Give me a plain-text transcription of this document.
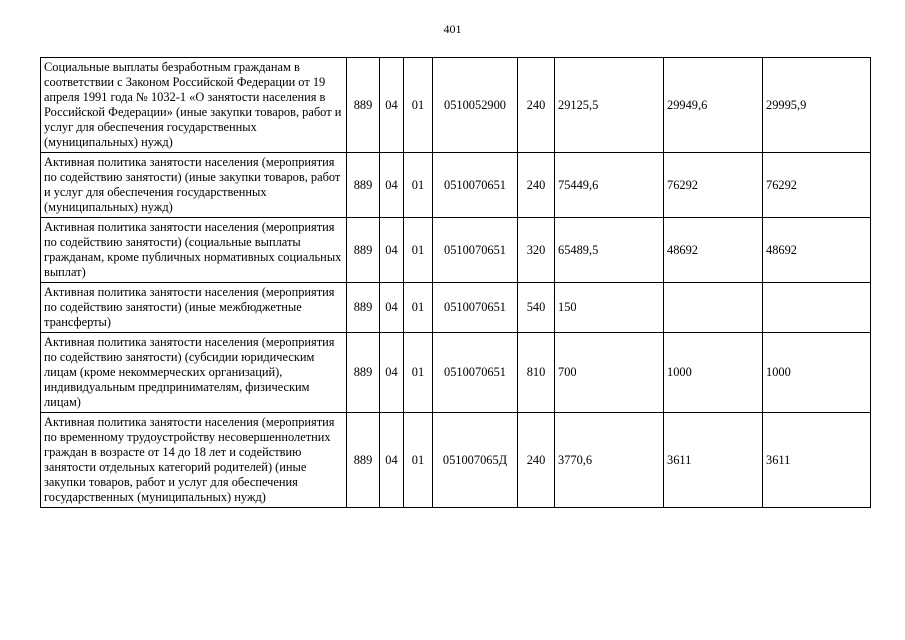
401
Социальные выплаты безработным гражданам в соответствии с Законом Российской Федерации от 19 апреля 1991 года № 1032-1 «О занятости населения в Российской Федерации» (иные закупки товаров, работ и услуг для обеспечения государственных (муниципальных) нужд)	889	04	01	0510052900	240	29125,5	29949,6	29995,9
Активная политика занятости населения (мероприятия по содействию занятости) (иные закупки товаров, работ и услуг для обеспечения государственных (муниципальных) нужд)	889	04	01	0510070651	240	75449,6	76292	76292
Активная политика занятости населения (мероприятия по содействию занятости) (социальные выплаты гражданам, кроме публичных нормативных социальных выплат)	889	04	01	0510070651	320	65489,5	48692	48692
Активная политика занятости населения (мероприятия по содействию занятости) (иные межбюджетные трансферты)	889	04	01	0510070651	540	150		
Активная политика занятости населения (мероприятия по содействию занятости) (субсидии юридическим лицам (кроме некоммерческих организаций), индивидуальным предпринимателям, физическим лицам)	889	04	01	0510070651	810	700	1000	1000
Активная политика занятости населения (мероприятия по временному трудоустройству несовершеннолетних граждан в возрасте от 14 до 18 лет и содействию занятости отдельных категорий родителей) (иные закупки товаров, работ и услуг для обеспечения государственных (муниципальных) нужд)	889	04	01	051007065Д	240	3770,6	3611	3611
